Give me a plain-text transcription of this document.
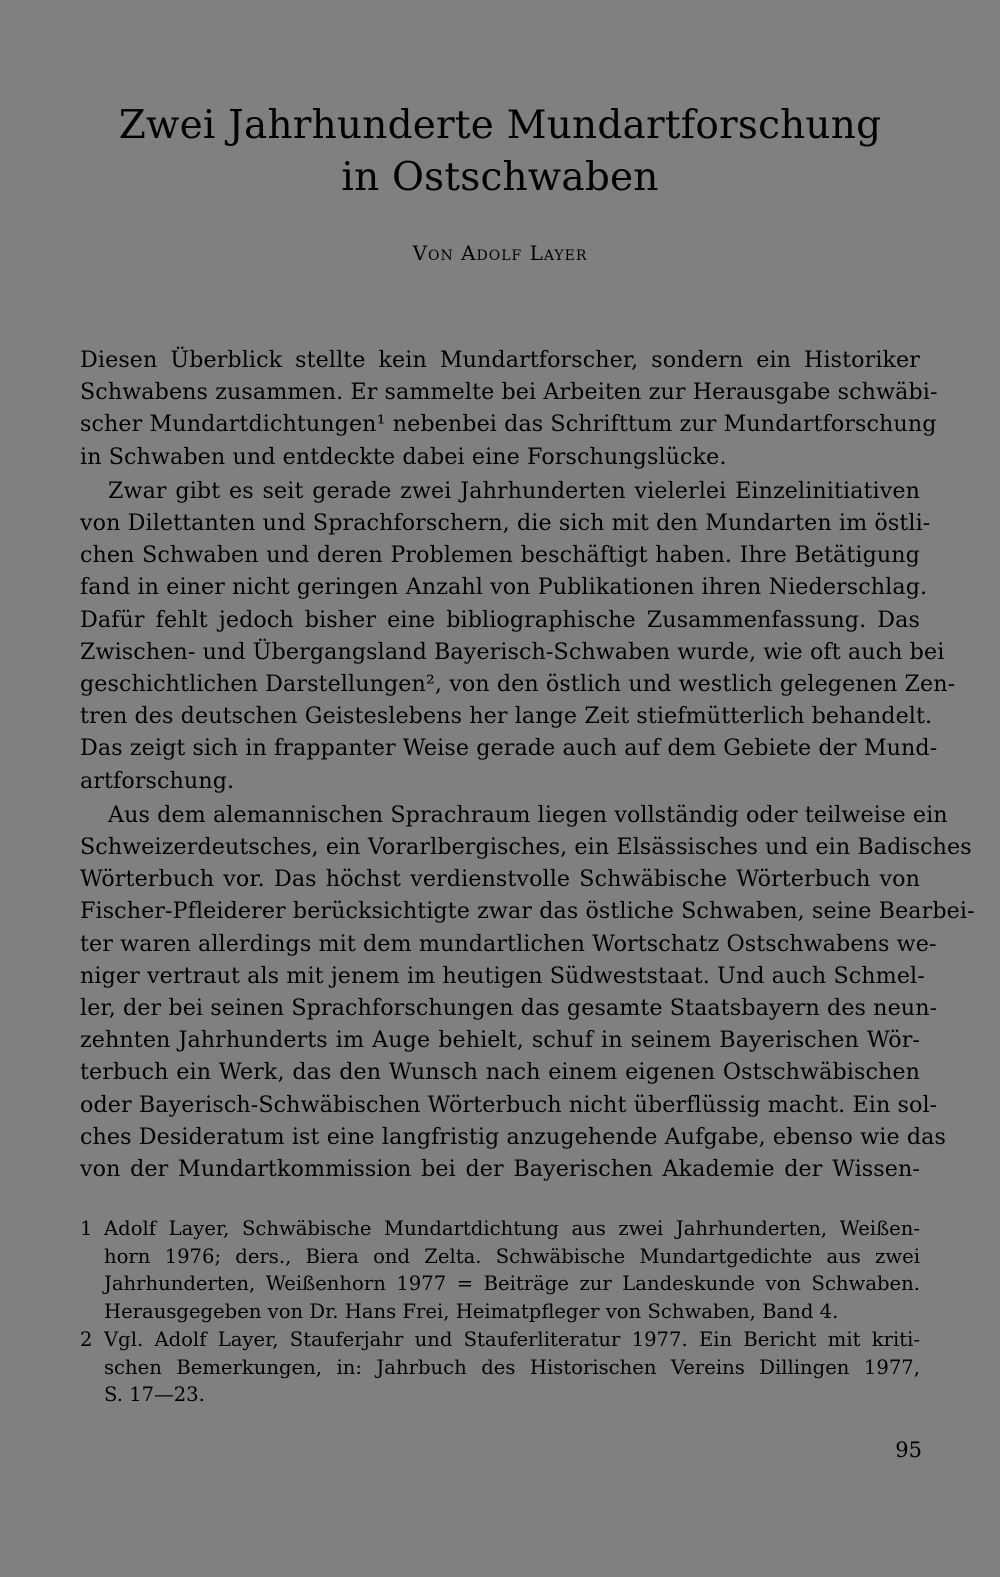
Zwei Jahrhunderte Mundartforschung
in Ostschwaben
Von Adolf Layer

Diesen Überblick stellte kein Mundartforscher, sondern ein Historiker
Schwabens zusammen. Er sammelte bei Arbeiten zur Herausgabe schwäbi-
scher Mundartdichtungen¹ nebenbei das Schrifttum zur Mundartforschung
in Schwaben und entdeckte dabei eine Forschungslücke.

Zwar gibt es seit gerade zwei Jahrhunderten vielerlei Einzelinitiativen
von Dilettanten und Sprachforschern, die sich mit den Mundarten im östli-
chen Schwaben und deren Problemen beschäftigt haben. Ihre Betätigung
fand in einer nicht geringen Anzahl von Publikationen ihren Niederschlag.
Dafür fehlt jedoch bisher eine bibliographische Zusammenfassung. Das
Zwischen- und Übergangsland Bayerisch-Schwaben wurde, wie oft auch bei
geschichtlichen Darstellungen², von den östlich und westlich gelegenen Zen-
tren des deutschen Geisteslebens her lange Zeit stiefmütterlich behandelt.
Das zeigt sich in frappanter Weise gerade auch auf dem Gebiete der Mund-
artforschung.

Aus dem alemannischen Sprachraum liegen vollständig oder teilweise ein
Schweizerdeutsches, ein Vorarlbergisches, ein Elsässisches und ein Badisches
Wörterbuch vor. Das höchst verdienstvolle Schwäbische Wörterbuch von
Fischer-Pfleiderer berücksichtigte zwar das östliche Schwaben, seine Bearbei-
ter waren allerdings mit dem mundartlichen Wortschatz Ostschwabens we-
niger vertraut als mit jenem im heutigen Südweststaat. Und auch Schmel-
ler, der bei seinen Sprachforschungen das gesamte Staatsbayern des neun-
zehnten Jahrhunderts im Auge behielt, schuf in seinem Bayerischen Wör-
terbuch ein Werk, das den Wunsch nach einem eigenen Ostschwäbischen
oder Bayerisch-Schwäbischen Wörterbuch nicht überflüssig macht. Ein sol-
ches Desideratum ist eine langfristig anzugehende Aufgabe, ebenso wie das
von der Mundartkommission bei der Bayerischen Akademie der Wissen-

1 Adolf Layer, Schwäbische Mundartdichtung aus zwei Jahrhunderten, Weißen-
horn 1976; ders., Biera ond Zelta. Schwäbische Mundartgedichte aus zwei
Jahrhunderten, Weißenhorn 1977 = Beiträge zur Landeskunde von Schwaben.
Herausgegeben von Dr. Hans Frei, Heimatpfleger von Schwaben, Band 4.
2 Vgl. Adolf Layer, Stauferjahr und Stauferliteratur 1977. Ein Bericht mit kriti-
schen Bemerkungen, in: Jahrbuch des Historischen Vereins Dillingen 1977,
S. 17—23.
95
